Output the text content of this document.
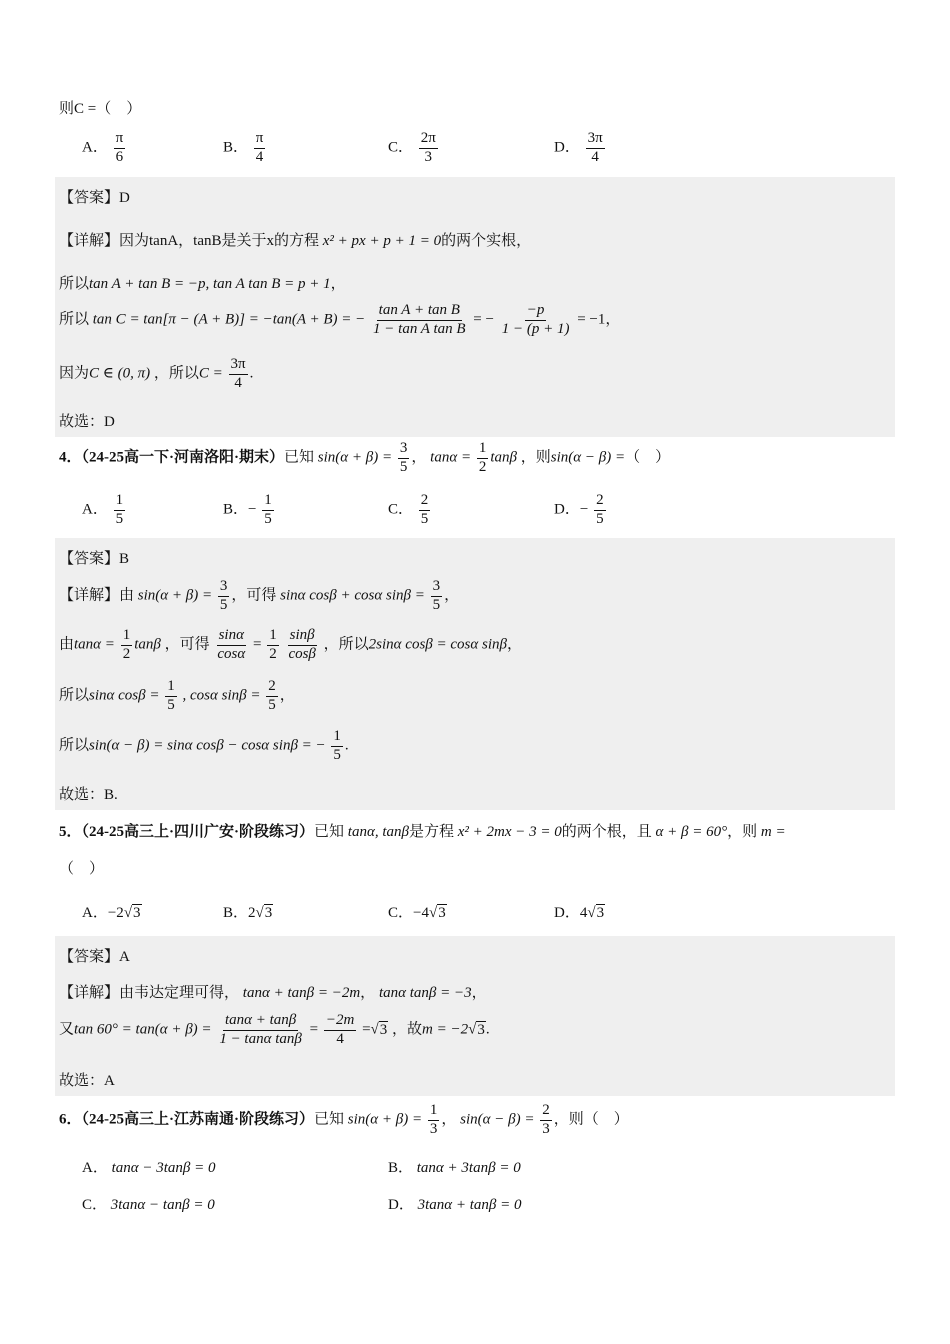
则C =（　）
A． $\frac{\pi}{6}$	B． $\frac{\pi}{4}$	C． $\frac{2\pi}{3}$	D． $\frac{3\pi}{4}$
【答案】D
【详解】因为tanA，tanB是关于x的方程 x² + px + p + 1 = 0的两个实根，
所以tan A + tan B = −p, tan A tan B = p + 1，
所以 tan C = tan[π − (A + B)] = −tan(A + B) = − $\frac{\text{tan A + tan B}}{\text{1 − tan A tan B}}$ = − $\frac{-p}{1 - (p + 1)} = -1$，
因为C ∈ (0, π) ，所以$C = \frac{3\pi}{4}$ .
故选：D
4．（24-25高一下·河南洛阳·期末）已知 $\sin(\alpha + \beta) = \frac{3}{5}$ ， $\tan\alpha = \frac{1}{2}$ tanβ ，则sin(α − β) =（　）
A． $\frac{1}{5}$	B．− $\frac{1}{5}$	C． $\frac{2}{5}$	D．− $\frac{2}{5}$
【答案】B
【详解】由 $\sin(\alpha + \beta) = \frac{3}{5}$ ，可得 sinα cosβ + cosα $\sin\beta = \frac{3}{5}$ ，
由$\tan\alpha = \frac{1}{2}$ tanβ ，可得 $\frac{\sin\alpha}{\cos\alpha} = \frac{1}{2}$
$\frac{\sin\beta}{\cos\beta}$ ，所以2sinα cosβ = cosα sinβ，
所以sinα $\cos\beta = \frac{1}{5}$ , cosα $\sin\beta = \frac{2}{5}$ ，
所以sin(α − β) = sinα cosβ − cosα sinβ = − $\frac{1}{5}$ .
故选：B.
5．（24-25高三上·四川广安·阶段练习）已知 tanα, tanβ是方程 x² + 2mx − 3 = 0的两个根，且 α + β = 60°，则 m =
（　）
A．−2√3	B．2√3	C．−4√3	D．4√3
【答案】A
【详解】由韦达定理可得， tanα + tanβ = −2m， tanα tanβ = −3，
又$\tan 60^\circ = \tan(\alpha + \beta) = \frac{\tan\alpha + \tan\beta}{\text{1 − tanα tanβ}} = \frac{-2m}{4} =√3$ ，故m = −2√3.
故选：A
6．（24-25高三上·江苏南通·阶段练习）已知 $\sin(\alpha + \beta) = \frac{1}{3}$ ， $\sin(\alpha - \beta) = \frac{2}{3}$ ，则（　）
A． tanα − 3tanβ = 0	B． tanα + 3tanβ = 0
C． 3tanα − tanβ = 0	D． 3tanα + tanβ = 0
